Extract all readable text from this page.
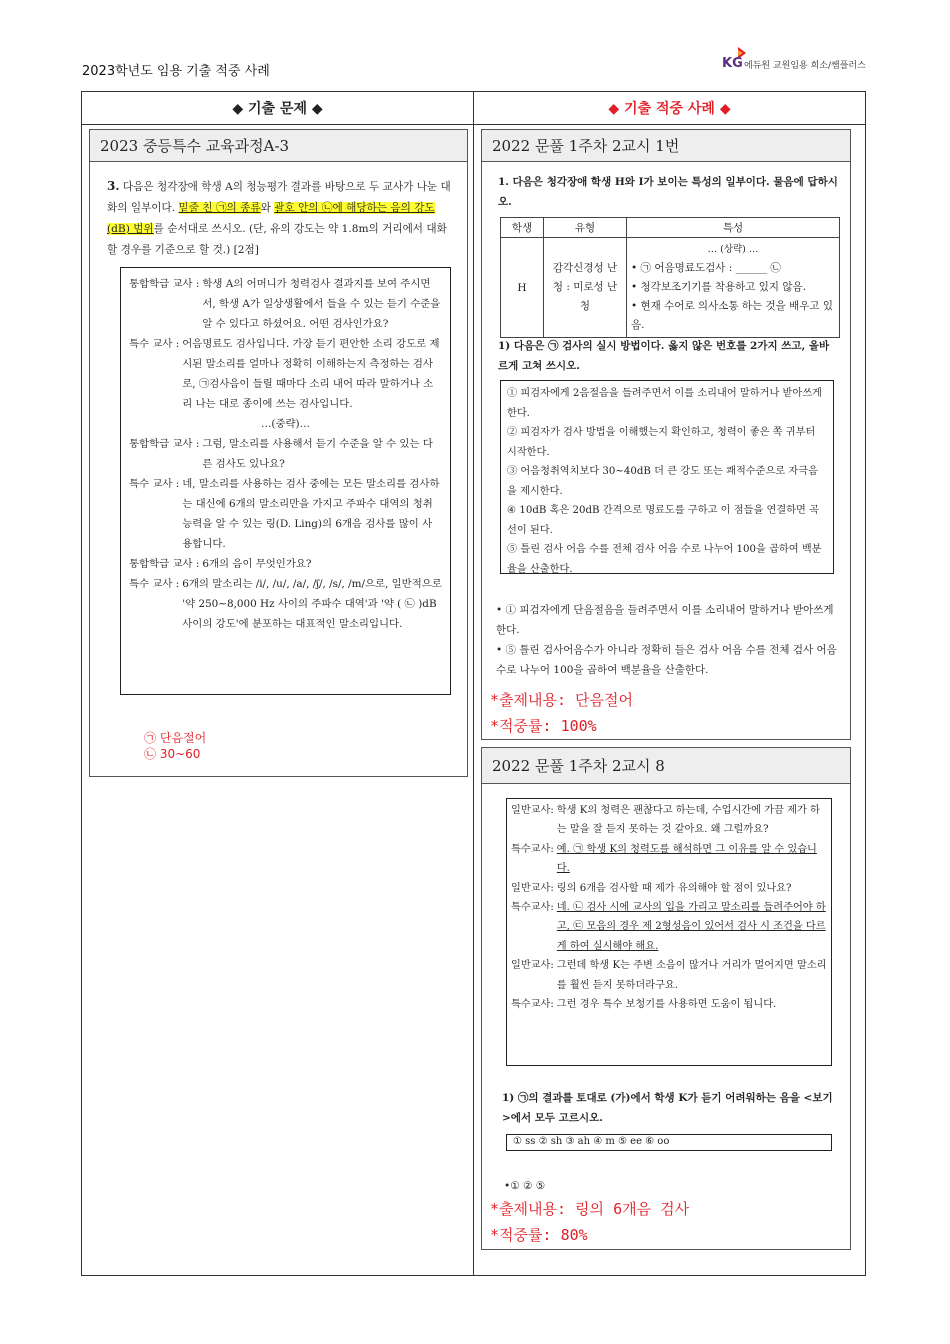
2023학년도 임용 기출 적중 사례
KG 에듀원 교원임용 희소/쌤플러스
◆ 기출 문제 ◆	◆ 기출 적중 사례 ◆
2023 중등특수 교육과정A-3
3. 다음은 청각장애 학생 A의 청능평가 결과를 바탕으로 두 교사가 나눈 대화의 일부이다. 밑줄 친 ㉠의 종류와 괄호 안의 ㉡에 해당하는 음의 강도(dB) 범위를 순서대로 쓰시오. (단, 유의 강도는 약 1.8m의 거리에서 대화할 경우를 기준으로 할 것.) [2점]
통합학급 교사 : 학생 A의 어머니가 청력검사 결과지를 보여 주시면서, 학생 A가 일상생활에서 들을 수 있는 듣기 수준을 알 수 있다고 하셨어요. 어떤 검사인가요?
특수 교사 : 어음명료도 검사입니다. 가장 듣기 편안한 소리 강도로 제시된 말소리를 얼마나 정확히 이해하는지 측정하는 검사로, ㉠검사음이 들릴 때마다 소리 내어 따라 말하거나 소리 나는 대로 종이에 쓰는 검사입니다.
…(중략)…
통합학급 교사 : 그럼, 말소리를 사용해서 듣기 수준을 알 수 있는 다른 검사도 있나요?
특수 교사 : 네, 말소리를 사용하는 검사 중에는 모든 말소리를 검사하는 대신에 6개의 말소리만을 가지고 주파수 대역의 청취능력을 알 수 있는 링(D. Ling)의 6개음 검사를 많이 사용합니다.
통합학급 교사 : 6개의 음이 무엇인가요?
특수 교사 : 6개의 말소리는 /i/, /u/, /a/, /ʃ/, /s/, /m/으로, 일반적으로 '약 250∼8,000 Hz 사이의 주파수 대역'과 '약 ( ㉡ )dB 사이의 강도'에 분포하는 대표적인 말소리입니다.
㉠ 단음절어
㉡ 30~60
2022 문풀 1주차 2교시 1번
1. 다음은 청각장애 학생 H와 I가 보이는 특성의 일부이다. 물음에 답하시오.
학생	유형	특성
H	감각신경성 난청 : 미로성 난청	… (상략) …
• ㉠ 어음명료도검사 : ______ ㉡
• 청각보조기기를 착용하고 있지 않음.
• 현재 수어로 의사소통 하는 것을 배우고 있음.
1) 다음은 ㉠ 검사의 실시 방법이다. 옳지 않은 번호를 2가지 쓰고, 올바르게 고쳐 쓰시오.
① 피검자에게 2음절음을 들려주면서 이를 소리내어 말하거나 받아쓰게 한다.
② 피검자가 검사 방법을 이해했는지 확인하고, 청력이 좋은 쪽 귀부터 시작한다.
③ 어음청취역치보다 30~40dB 더 큰 강도 또는 쾌적수준으로 자극음을 제시한다.
④ 10dB 혹은 20dB 간격으로 명료도를 구하고 이 점들을 연결하면 곡선이 된다.
⑤ 틀린 검사 어음 수를 전체 검사 어음 수로 나누어 100을 곱하여 백분율을 산출한다.
• ① 피검자에게 단음절음을 들려주면서 이를 소리내어 말하거나 받아쓰게 한다.
• ⑤ 틀린 검사어음수가 아니라 정확히 들은 검사 어음 수를 전체 검사 어음 수로 나누어 100을 곱하여 백분율을 산출한다.
*출제내용: 단음절어
*적중률: 100%
2022 문풀 1주차 2교시 8
일반교사: 학생 K의 청력은 괜찮다고 하는데, 수업시간에 가끔 제가 하는 말을 잘 듣지 못하는 것 같아요. 왜 그럴까요?
특수교사: 예. ㉠ 학생 K의 청력도를 해석하면 그 이유를 알 수 있습니다.
일반교사: 링의 6개음 검사할 때 제가 유의해야 할 점이 있나요?
특수교사: 네. ㉡ 검사 시에 교사의 입을 가리고 말소리를 들려주어야 하고, ㉢ 모음의 경우 제 2형성음이 있어서 검사 시 조건을 다르게 하여 실시해야 해요.
일반교사: 그런데 학생 K는 주변 소음이 많거나 거리가 멀어지면 말소리를 훨씬 듣지 못하더라구요.
특수교사: 그런 경우 특수 보청기를 사용하면 도움이 됩니다.
1) ㉠의 결과를 토대로 (가)에서 학생 K가 듣기 어려워하는 음을 <보기>에서 모두 고르시오.
① ss ② sh ③ ah ④ m ⑤ ee ⑥ oo
•① ② ⑤
*출제내용: 링의 6개음 검사
*적중률: 80%
